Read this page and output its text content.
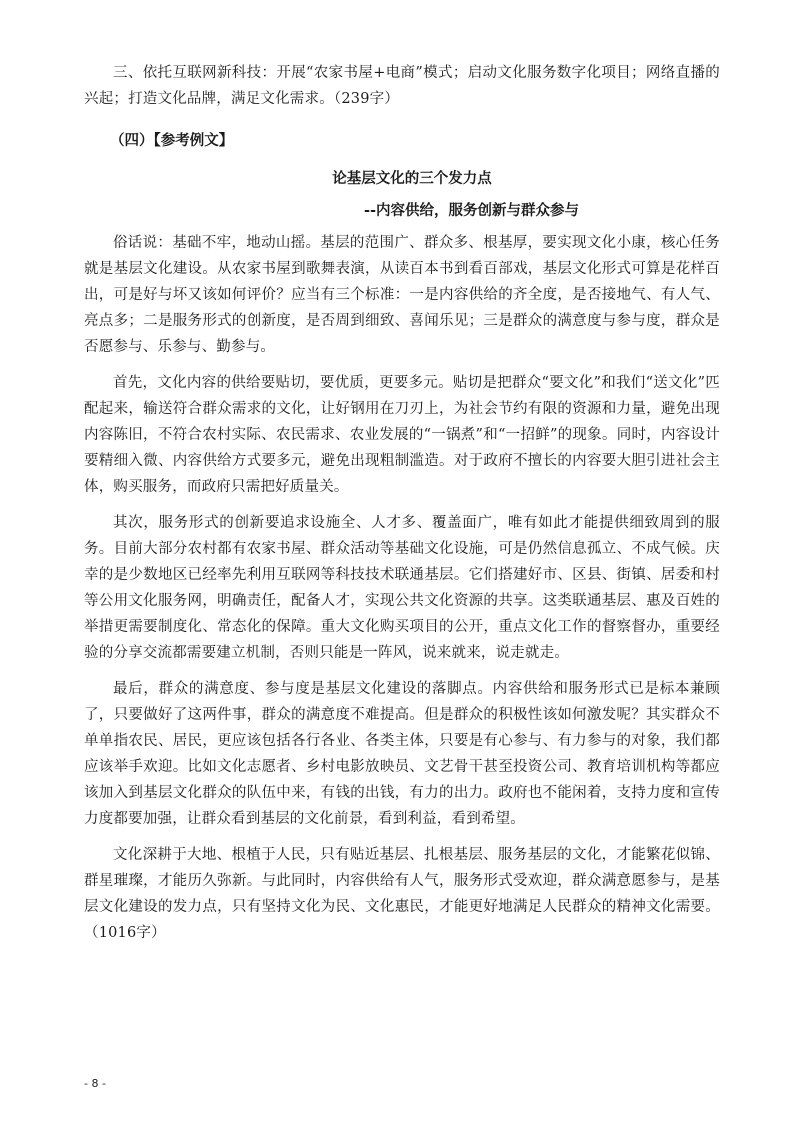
三、依托互联网新科技：开展“农家书屋+电商”模式；启动文化服务数字化项目；网络直播的兴起；打造文化品牌，满足文化需求。（239字）

（四）【参考例文】
论基层文化的三个发力点
--内容供给，服务创新与群众参与

俗话说：基础不牢，地动山摇。基层的范围广、群众多、根基厚，要实现文化小康，核心任务就是基层文化建设。从农家书屋到歌舞表演，从读百本书到看百部戏，基层文化形式可算是花样百出，可是好与坏又该如何评价？应当有三个标准：一是内容供给的齐全度，是否接地气、有人气、亮点多；二是服务形式的创新度，是否周到细致、喜闻乐见；三是群众的满意度与参与度，群众是否愿参与、乐参与、勤参与。

首先，文化内容的供给要贴切，要优质，更要多元。贴切是把群众“要文化”和我们“送文化”匹配起来，输送符合群众需求的文化，让好钢用在刀刃上，为社会节约有限的资源和力量，避免出现内容陈旧，不符合农村实际、农民需求、农业发展的“一锅煮”和“一招鲜”的现象。同时，内容设计要精细入微、内容供给方式要多元，避免出现粗制滥造。对于政府不擅长的内容要大胆引进社会主体，购买服务，而政府只需把好质量关。

其次，服务形式的创新要追求设施全、人才多、覆盖面广，唯有如此才能提供细致周到的服务。目前大部分农村都有农家书屋、群众活动等基础文化设施，可是仍然信息孤立、不成气候。庆幸的是少数地区已经率先利用互联网等科技技术联通基层。它们搭建好市、区县、街镇、居委和村等公用文化服务网，明确责任，配备人才，实现公共文化资源的共享。这类联通基层、惠及百姓的举措更需要制度化、常态化的保障。重大文化购买项目的公开，重点文化工作的督察督办，重要经验的分享交流都需要建立机制，否则只能是一阵风，说来就来，说走就走。

最后，群众的满意度、参与度是基层文化建设的落脚点。内容供给和服务形式已是标本兼顾了，只要做好了这两件事，群众的满意度不难提高。但是群众的积极性该如何激发呢？其实群众不单单指农民、居民，更应该包括各行各业、各类主体，只要是有心参与、有力参与的对象，我们都应该举手欢迎。比如文化志愿者、乡村电影放映员、文艺骨干甚至投资公司、教育培训机构等都应该加入到基层文化群众的队伍中来，有钱的出钱，有力的出力。政府也不能闲着，支持力度和宣传力度都要加强，让群众看到基层的文化前景，看到利益，看到希望。

文化深耕于大地、根植于人民，只有贴近基层、扎根基层、服务基层的文化，才能繁花似锦、群星璀璨，才能历久弥新。与此同时，内容供给有人气，服务形式受欢迎，群众满意愿参与，是基层文化建设的发力点，只有坚持文化为民、文化惠民，才能更好地满足人民群众的精神文化需要。（1016字）

- 8 -
